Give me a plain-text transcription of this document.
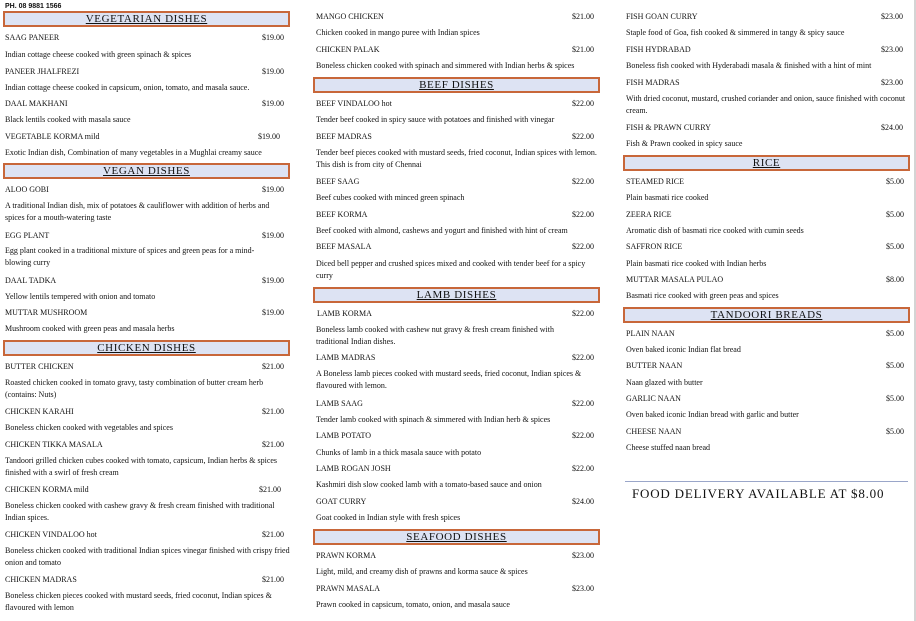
PH. 08 9881 1566
VEGETARIAN DISHES
SAAG PANEER	$19.00
Indian cottage cheese cooked with green spinach & spices
PANEER JHALFREZI	$19.00
Indian cottage cheese cooked in capsicum, onion, tomato, and masala sauce.
DAAL MAKHANI	$19.00
Black lentils cooked with masala sauce
VEGETABLE KORMA mild	$19.00
Exotic Indian dish, Combination of many vegetables in a Mughlai creamy sauce
VEGAN DISHES
ALOO GOBI	$19.00
A traditional Indian dish, mix of potatoes & cauliflower with addition of herbs and spices for a mouth-watering taste
EGG PLANT	$19.00
Egg plant cooked in a traditional mixture of spices and green peas for a mind-blowing curry
DAAL TADKA	$19.00
Yellow lentils tempered with onion and tomato
MUTTAR MUSHROOM	$19.00
Mushroom cooked with green peas and masala herbs
CHICKEN DISHES
BUTTER CHICKEN	$21.00
Roasted chicken cooked in tomato gravy, tasty combination of butter cream herb (contains: Nuts)
CHICKEN KARAHI	$21.00
Boneless chicken cooked with vegetables and spices
CHICKEN TIKKA MASALA	$21.00
Tandoori grilled chicken cubes cooked with tomato, capsicum, Indian herbs & spices finished with a swirl of fresh cream
CHICKEN KORMA mild	$21.00
Boneless chicken cooked with cashew gravy & fresh cream finished with traditional Indian spices.
CHICKEN VINDALOO hot	$21.00
Boneless chicken cooked with traditional Indian spices vinegar finished with crispy fried onion and tomato
CHICKEN MADRAS	$21.00
Boneless chicken pieces cooked with mustard seeds, fried coconut, Indian spices & flavoured with lemon
MANGO CHICKEN	$21.00
Chicken cooked in mango puree with Indian spices
CHICKEN PALAK	$21.00
Boneless chicken cooked with spinach and simmered with Indian herbs & spices
BEEF DISHES
BEEF VINDALOO hot	$22.00
Tender beef cooked in spicy sauce with potatoes and finished with vinegar
BEEF MADRAS	$22.00
Tender beef pieces cooked with mustard seeds, fried coconut, Indian spices with lemon. This dish is from city of Chennai
BEEF SAAG	$22.00
Beef cubes cooked with minced green spinach
BEEF KORMA	$22.00
Beef cooked with almond, cashews and yogurt and finished with hint of cream
BEEF MASALA	$22.00
Diced bell pepper and crushed spices mixed and cooked with tender beef for a spicy curry
LAMB DISHES
LAMB KORMA	$22.00
Boneless lamb cooked with cashew nut gravy & fresh cream finished with traditional Indian dishes.
LAMB MADRAS	$22.00
A Boneless lamb pieces cooked with mustard seeds, fried coconut, Indian spices & flavoured with lemon.
LAMB SAAG	$22.00
Tender lamb cooked with spinach & simmered with Indian herb & spices
LAMB POTATO	$22.00
Chunks of lamb in a thick masala sauce with potato
LAMB ROGAN JOSH	$22.00
Kashmiri dish slow cooked lamb with a tomato-based sauce and onion
GOAT CURRY	$24.00
Goat cooked in Indian style with fresh spices
SEAFOOD DISHES
PRAWN KORMA	$23.00
Light, mild, and creamy dish of prawns and korma sauce & spices
PRAWN MASALA	$23.00
Prawn cooked in capsicum, tomato, onion, and masala sauce
FISH GOAN CURRY	$23.00
Staple food of Goa, fish cooked & simmered in tangy & spicy sauce
FISH HYDRABAD	$23.00
Boneless fish cooked with Hyderabadi masala & finished with a hint of mint
FISH MADRAS	$23.00
With dried coconut, mustard, crushed coriander and onion, sauce finished with coconut cream.
FISH & PRAWN CURRY	$24.00
Fish & Prawn cooked in spicy sauce
RICE
STEAMED RICE	$5.00
Plain basmati rice cooked
ZEERA RICE	$5.00
Aromatic dish of basmati rice cooked with cumin seeds
SAFFRON RICE	$5.00
Plain basmati rice cooked with Indian herbs
MUTTAR MASALA PULAO	$8.00
Basmati rice cooked with green peas and spices
TANDOORI BREADS
PLAIN NAAN	$5.00
Oven baked iconic Indian flat bread
BUTTER NAAN	$5.00
Naan glazed with butter
GARLIC NAAN	$5.00
Oven baked iconic Indian bread with garlic and butter
CHEESE NAAN	$5.00
Cheese stuffed naan bread
FOOD DELIVERY AVAILABLE AT $8.00
